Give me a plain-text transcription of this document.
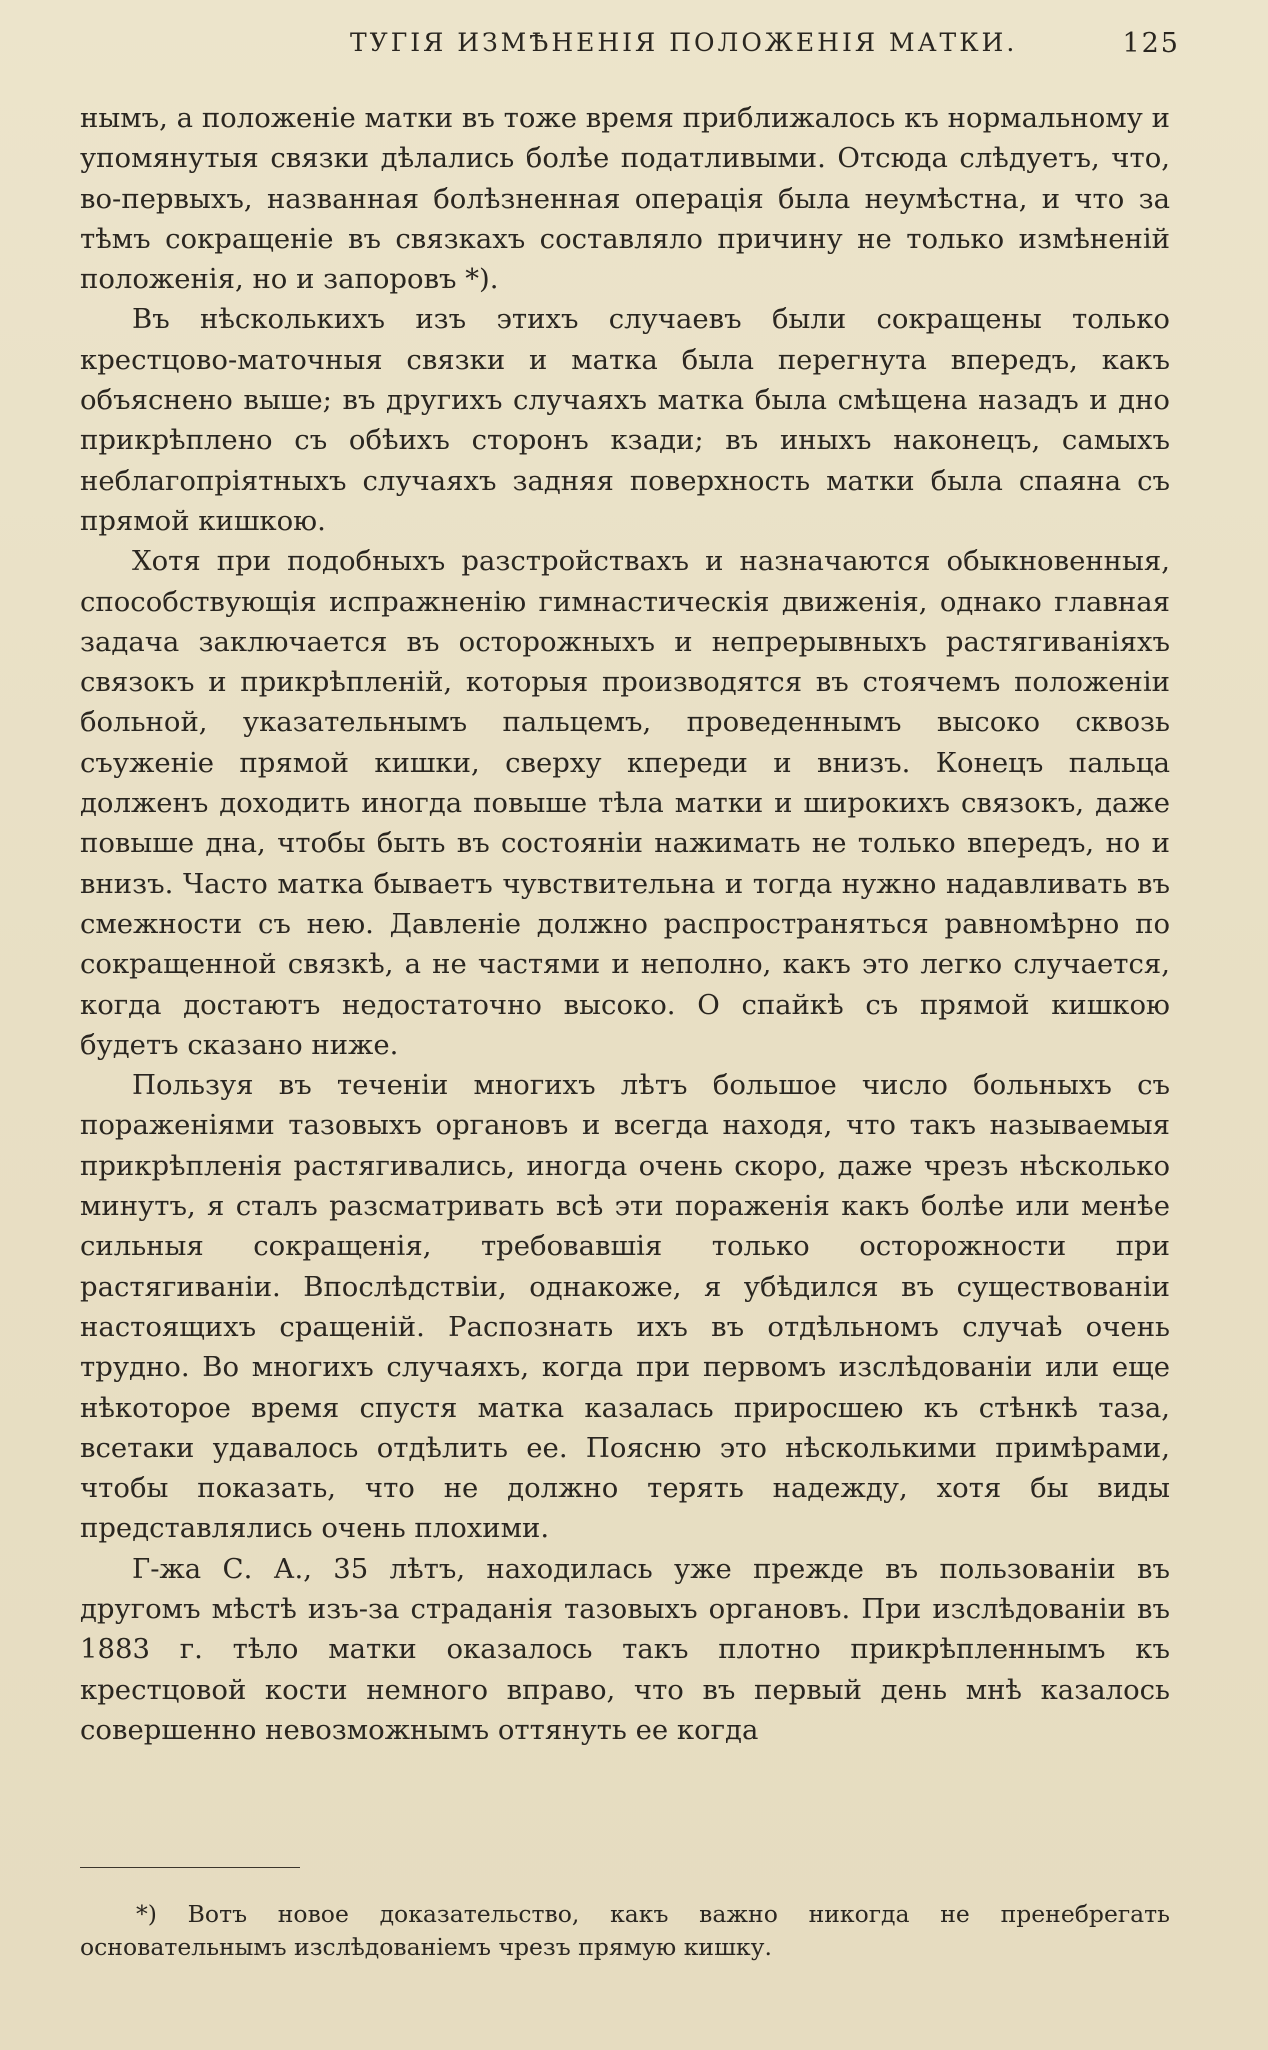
ТУГІЯ ИЗМѢНЕНІЯ ПОЛОЖЕНІЯ МАТКИ.	125

нымъ, а положеніе матки въ тоже время приближалось къ нормальному и упомянутыя связки дѣлались болѣе податливыми. Отсюда слѣдуетъ, что, во-первыхъ, названная болѣзненная операція была неумѣстна, и что за тѣмъ сокращеніе въ связкахъ составляло причину не только измѣненій положенія, но и запоровъ *).

Въ нѣсколькихъ изъ этихъ случаевъ были сокращены только крестцово-маточныя связки и матка была перегнута впередъ, какъ объяснено выше; въ другихъ случаяхъ матка была смѣщена назадъ и дно прикрѣплено съ обѣихъ сторонъ кзади; въ иныхъ наконецъ, самыхъ неблагопріятныхъ случаяхъ задняя поверхность матки была спаяна съ прямой кишкою.

Хотя при подобныхъ разстройствахъ и назначаются обыкновенныя, способствующія испражненію гимнастическія движенія, однако главная задача заключается въ осторожныхъ и непрерывныхъ растягиваніяхъ связокъ и прикрѣпленій, которыя производятся въ стоячемъ положеніи больной, указательнымъ пальцемъ, проведеннымъ высоко сквозь съуженіе прямой кишки, сверху кпереди и внизъ. Конецъ пальца долженъ доходить иногда повыше тѣла матки и широкихъ связокъ, даже повыше дна, чтобы быть въ состояніи нажимать не только впередъ, но и внизъ. Часто матка бываетъ чувствительна и тогда нужно надавливать въ смежности съ нею. Давленіе должно распространяться равномѣрно по сокращенной связкѣ, а не частями и неполно, какъ это легко случается, когда достаютъ недостаточно высоко. О спайкѣ съ прямой кишкою будетъ сказано ниже.

Пользуя въ теченіи многихъ лѣтъ большое число больныхъ съ пораженіями тазовыхъ органовъ и всегда находя, что такъ называемыя прикрѣпленія растягивались, иногда очень скоро, даже чрезъ нѣсколько минутъ, я сталъ разсматривать всѣ эти пораженія какъ болѣе или менѣе сильныя сокращенія, требовавшія только осторожности при растягиваніи. Впослѣдствіи, однакоже, я убѣдился въ существованіи настоящихъ сращеній. Распознать ихъ въ отдѣльномъ случаѣ очень трудно. Во многихъ случаяхъ, когда при первомъ изслѣдованіи или еще нѣкоторое время спустя матка казалась приросшею къ стѣнкѣ таза, всетаки удавалось отдѣлить ее. Поясню это нѣсколькими примѣрами, чтобы показать, что не должно терять надежду, хотя бы виды представлялись очень плохими.

Г-жа С. А., 35 лѣтъ, находилась уже прежде въ пользованіи въ другомъ мѣстѣ изъ-за страданія тазовыхъ органовъ. При изслѣдованіи въ 1883 г. тѣло матки оказалось такъ плотно прикрѣпленнымъ къ крестцовой кости немного вправо, что въ первый день мнѣ казалось совершенно невозможнымъ оттянуть ее когда

*) Вотъ новое доказательство, какъ важно никогда не пренебрегать основательнымъ изслѣдованіемъ чрезъ прямую кишку.
